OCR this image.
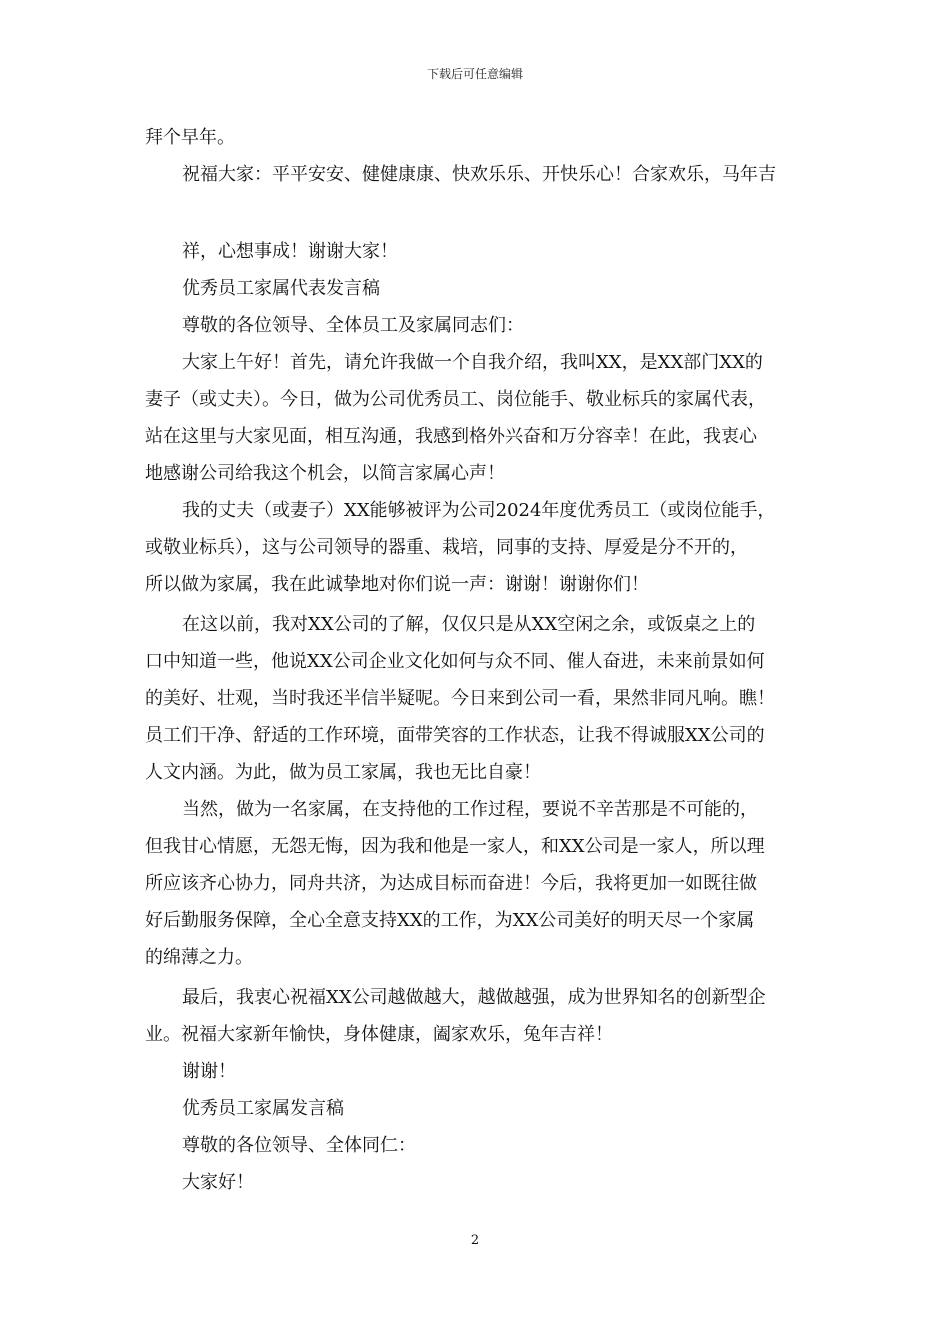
下载后可任意编辑
拜个早年。
祝福大家：平平安安、健健康康、快欢乐乐、开快乐心！合家欢乐，马年吉
祥，心想事成！谢谢大家！
优秀员工家属代表发言稿
尊敬的各位领导、全体员工及家属同志们：
大家上午好！首先，请允许我做一个自我介绍，我叫XX，是XX部门XX的
妻子（或丈夫）。今日，做为公司优秀员工、岗位能手、敬业标兵的家属代表，
站在这里与大家见面，相互沟通，我感到格外兴奋和万分容幸！在此，我衷心
地感谢公司给我这个机会，以简言家属心声！
我的丈夫（或妻子）XX能够被评为公司2024年度优秀员工（或岗位能手，
或敬业标兵），这与公司领导的器重、栽培，同事的支持、厚爱是分不开的，
所以做为家属，我在此诚挚地对你们说一声：谢谢！谢谢你们！
在这以前，我对XX公司的了解，仅仅只是从XX空闲之余，或饭桌之上的
口中知道一些，他说XX公司企业文化如何与众不同、催人奋进，未来前景如何
的美好、壮观，当时我还半信半疑呢。今日来到公司一看，果然非同凡响。瞧！
员工们干净、舒适的工作环境，面带笑容的工作状态，让我不得诚服XX公司的
人文内涵。为此，做为员工家属，我也无比自豪！
当然，做为一名家属，在支持他的工作过程，要说不辛苦那是不可能的，
但我甘心情愿，无怨无悔，因为我和他是一家人，和XX公司是一家人，所以理
所应该齐心协力，同舟共济，为达成目标而奋进！今后，我将更加一如既往做
好后勤服务保障，全心全意支持XX的工作，为XX公司美好的明天尽一个家属
的绵薄之力。
最后，我衷心祝福XX公司越做越大，越做越强，成为世界知名的创新型企
业。祝福大家新年愉快，身体健康，阖家欢乐，兔年吉祥！
谢谢！
优秀员工家属发言稿
尊敬的各位领导、全体同仁：
大家好！
2
